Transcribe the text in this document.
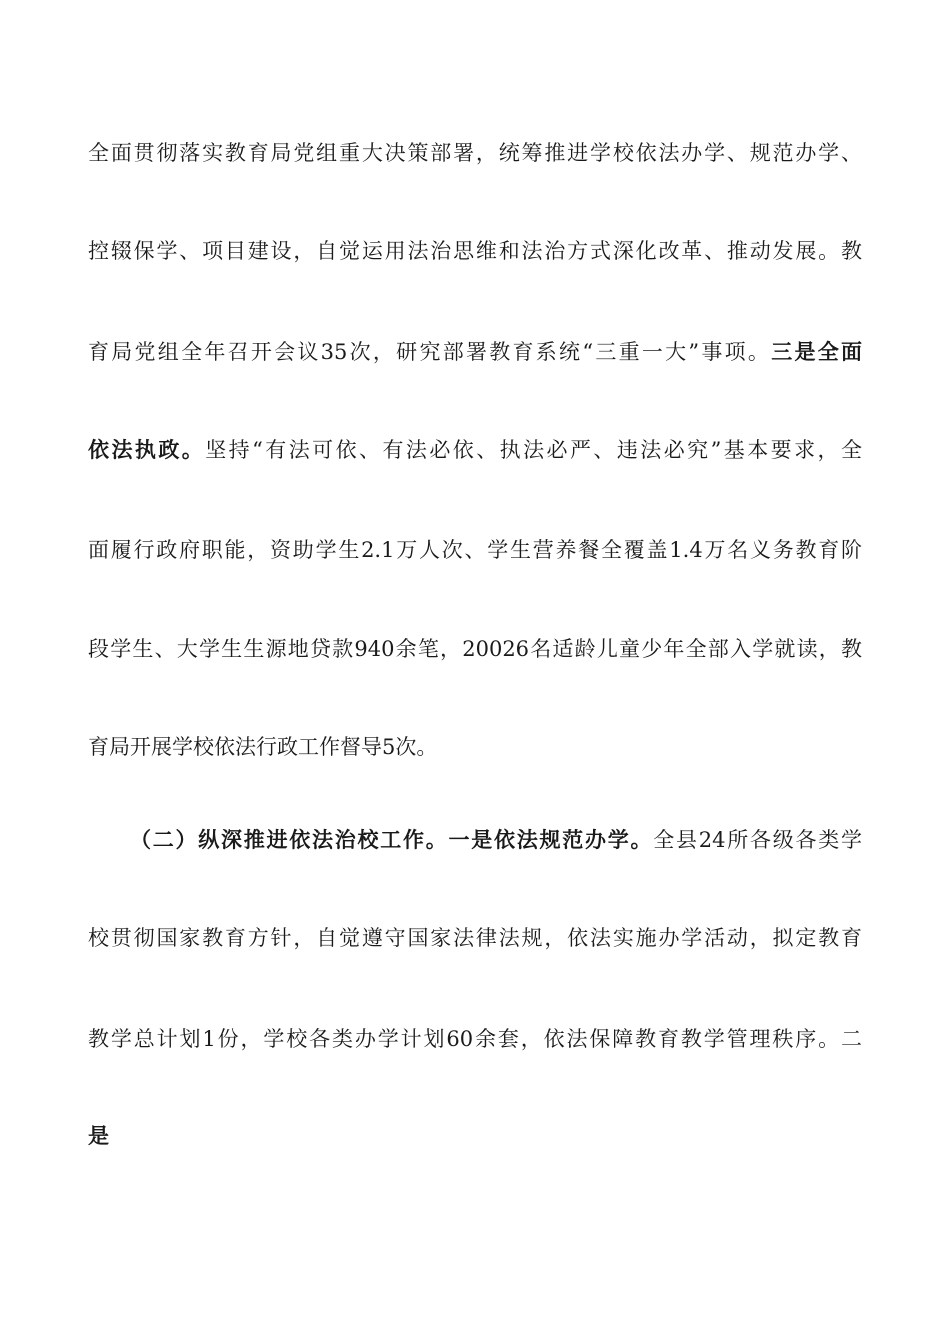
全面贯彻落实教育局党组重大决策部署，统筹推进学校依法办学、规范办学、
控辍保学、项目建设，自觉运用法治思维和法治方式深化改革、推动发展。教
育局党组全年召开会议35次，研究部署教育系统“三重一大”事项。三是全面
依法执政。坚持“有法可依、有法必依、执法必严、违法必究”基本要求，全
面履行政府职能，资助学生2.1万人次、学生营养餐全覆盖1.4万名义务教育阶
段学生、大学生生源地贷款940余笔，20026名适龄儿童少年全部入学就读，教
育局开展学校依法行政工作督导5次。
（二）纵深推进依法治校工作。一是依法规范办学。全县24所各级各类学
校贯彻国家教育方针，自觉遵守国家法律法规，依法实施办学活动，拟定教育
教学总计划1份，学校各类办学计划60余套，依法保障教育教学管理秩序。二
是
